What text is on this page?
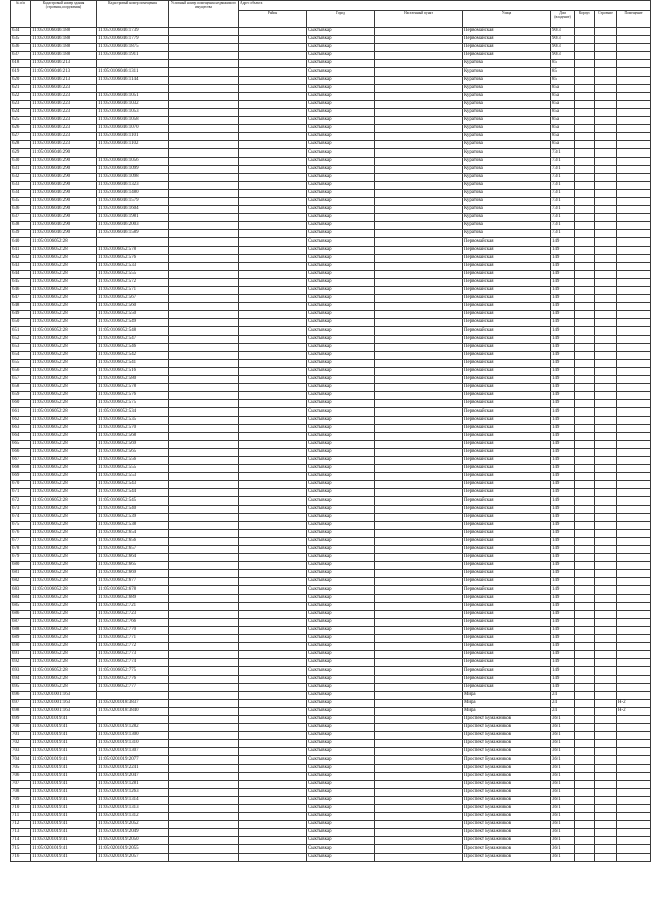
№ п/п	Кадастровый номер здания (строения,сооружения)	Кадастровый номер помещения	Условный номер помещения недвижимого имущества	Адрес объекта							
				Район	Город	Населенный пункт	Улица	Дом (владение)	Корпус	Строение	Помещение
634	11:05:0106046:188	11:05:0106046:1739			Сыктывкар		Первомайская	90/3			
635	11:05:0106046:188	11:05:0106046:1779			Сыктывкар		Первомайская	90/3			
636	11:05:0106046:188	11:05:0106046:1875			Сыктывкар		Первомайская	90/3			
637	11:05:0106046:188	11:05:0106046:1911			Сыктывкар		Первомайская	90/3			
618	11:05:0106046:213				Сыктывкар		Куратова	85			
619	11:05:0106046:213	11:05:0106046:1311			Сыктывкар		Куратова	85			
620	11:05:0106046:213	11:05:0106046:1144			Сыктывкар		Куратова	85			
621	11:05:0106046:223				Сыктывкар		Куратова	85а			
622	11:05:0106046:223	11:05:0106046:1051			Сыктывкар		Куратова	85а			
623	11:05:0106046:223	11:05:0106046:1032			Сыктывкар		Куратова	85а			
624	11:05:0106046:223	11:05:0106046:1053			Сыктывкар		Куратова	85а			
625	11:05:0106046:223	11:05:0106046:1058			Сыктывкар		Куратова	85а			
626	11:05:0106046:223	11:05:0106046:1070			Сыктывкар		Куратова	85а			
627	11:05:0106046:223	11:05:0106046:1101			Сыктывкар		Куратова	85а			
628	11:05:0106046:223	11:05:0106046:1102			Сыктывкар		Куратова	85а			
629	11:05:0106046:290				Сыктывкар		Куратова	73/1			
630	11:05:0106046:290	11:05:0106046:1056			Сыктывкар		Куратова	73/1			
631	11:05:0106046:290	11:05:0106046:1099			Сыктывкар		Куратова	73/1			
632	11:05:0106046:290	11:05:0106046:1098			Сыктывкар		Куратова	73/1			
633	11:05:0106046:290	11:05:0106046:1323			Сыктывкар		Куратова	73/1			
634	11:05:0106046:290	11:05:0106046:1480			Сыктывкар		Куратова	73/1			
635	11:05:0106046:290	11:05:0106046:1579			Сыктывкар		Куратова	73/1			
636	11:05:0106046:290	11:05:0106046:1604			Сыктывкар		Куратова	73/1			
637	11:05:0106046:290	11:05:0106046:1981			Сыктывкар		Куратова	73/1			
638	11:05:0106046:290	11:05:0106046:2003			Сыктывкар		Куратова	73/1			
639	11:05:0106046:290	11:05:0106046:1589			Сыктывкар		Куратова	73/1			
640	11:05:0106052:28				Сыктывкар		Первомайская	149			
641	11:05:0106052:28	11:05:0106052:578			Сыктывкар		Первомайская	149			
642	11:05:0106052:28	11:05:0106052:576			Сыктывкар		Первомайская	149			
643	11:05:0106052:28	11:05:0106052:533			Сыктывкар		Первомайская	149			
644	11:05:0106052:28	11:05:0106052:555			Сыктывкар		Первомайская	149			
645	11:05:0106052:28	11:05:0106052:572			Сыктывкар		Первомайская	149			
646	11:05:0106052:28	11:05:0106052:571			Сыктывкар		Первомайская	149			
647	11:05:0106052:28	11:05:0106052:567			Сыктывкар		Первомайская	149			
648	11:05:0106052:28	11:05:0106052:560			Сыктывкар		Первомайская	149			
649	11:05:0106052:28	11:05:0106052:550			Сыктывкар		Первомайская	149			
650	11:05:0106052:28	11:05:0106052:549			Сыктывкар		Первомайская	149			
651	11:05:0106052:28	11:05:0106052:548			Сыктывкар		Первомайская	149			
652	11:05:0106052:28	11:05:0106052:547			Сыктывкар		Первомайская	149			
653	11:05:0106052:28	11:05:0106052:546			Сыктывкар		Первомайская	149			
654	11:05:0106052:28	11:05:0106052:542			Сыктывкар		Первомайская	149			
655	11:05:0106052:28	11:05:0106052:541			Сыктывкар		Первомайская	149			
656	11:05:0106052:28	11:05:0106052:516			Сыктывкар		Первомайская	149			
657	11:05:0106052:28	11:05:0106052:580			Сыктывкар		Первомайская	149			
658	11:05:0106052:28	11:05:0106052:578			Сыктывкар		Первомайская	149			
659	11:05:0106052:28	11:05:0106052:576			Сыктывкар		Первомайская	149			
660	11:05:0106052:28	11:05:0106052:575			Сыктывкар		Первомайская	149			
661	11:05:0106052:28	11:05:0106052:534			Сыктывкар		Первомайская	149			
662	11:05:0106052:28	11:05:0106052:535			Сыктывкар		Первомайская	149			
663	11:05:0106052:28	11:05:0106052:570			Сыктывкар		Первомайская	149			
664	11:05:0106052:28	11:05:0106052:568			Сыктывкар		Первомайская	149			
665	11:05:0106052:28	11:05:0106052:569			Сыктывкар		Первомайская	149			
666	11:05:0106052:28	11:05:0106052:565			Сыктывкар		Первомайская	149			
667	11:05:0106052:28	11:05:0106052:556			Сыктывкар		Первомайская	149			
668	11:05:0106052:28	11:05:0106052:555			Сыктывкар		Первомайская	149			
669	11:05:0106052:28	11:05:0106052:553			Сыктывкар		Первомайская	149			
670	11:05:0106052:28	11:05:0106052:543			Сыктывкар		Первомайская	149			
671	11:05:0106052:28	11:05:0106052:544			Сыктывкар		Первомайская	149			
672	11:05:0106052:28	11:05:0106052:545			Сыктывкар		Первомайская	149			
673	11:05:0106052:28	11:05:0106052:540			Сыктывкар		Первомайская	149			
674	11:05:0106052:28	11:05:0106052:539			Сыктывкар		Первомайская	149			
675	11:05:0106052:28	11:05:0106052:538			Сыктывкар		Первомайская	149			
676	11:05:0106052:28	11:05:0106052:654			Сыктывкар		Первомайская	149			
677	11:05:0106052:28	11:05:0106052:656			Сыктывкар		Первомайская	149			
678	11:05:0106052:28	11:05:0106052:657			Сыктывкар		Первомайская	149			
679	11:05:0106052:28	11:05:0106052:664			Сыктывкар		Первомайская	149			
680	11:05:0106052:28	11:05:0106052:665			Сыктывкар		Первомайская	149			
681	11:05:0106052:28	11:05:0106052:669			Сыктывкар		Первомайская	149			
682	11:05:0106052:28	11:05:0106052:677			Сыктывкар		Первомайская	149			
683	11:05:0106052:28	11:05:0106052:678			Сыктывкар		Первомайская	149			
684	11:05:0106052:28	11:05:0106052:689			Сыктывкар		Первомайская	149			
685	11:05:0106052:28	11:05:0106052:721			Сыктывкар		Первомайская	149			
686	11:05:0106052:28	11:05:0106052:723			Сыктывкар		Первомайская	149			
687	11:05:0106052:28	11:05:0106052:766			Сыктывкар		Первомайская	149			
688	11:05:0106052:28	11:05:0106052:770			Сыктывкар		Первомайская	149			
689	11:05:0106052:28	11:05:0106052:771			Сыктывкар		Первомайская	149			
690	11:05:0106052:28	11:05:0106052:772			Сыктывкар		Первомайская	149			
691	11:05:0106052:28	11:05:0106052:773			Сыктывкар		Первомайская	149			
692	11:05:0106052:28	11:05:0106052:774			Сыктывкар		Первомайская	149			
693	11:05:0106052:28	11:05:0106052:775			Сыктывкар		Первомайская	149			
694	11:05:0106052:28	11:05:0106052:776			Сыктывкар		Первомайская	149			
695	11:05:0106052:28	11:05:0106052:777			Сыктывкар		Первомайская	149			
696	11:05:0201001:163				Сыктывкар		Мира	24			
697	11:05:0201001:163	11:05:0201018:3837			Сыктывкар		Мира	24			Н-2
698	11:05:0201001:163	11:05:0201018:3840			Сыктывкар		Мира	24			Н-2
699	11:05:0201019:41				Сыктывкар		Проспект Бумажников	36/1			
700	11:05:0201019:41	11:05:0201019:1282			Сыктывкар		Проспект Бумажников	36/1			
701	11:05:0201019:41	11:05:0201019:1300			Сыктывкар		Проспект Бумажников	36/1			
702	11:05:0201019:41	11:05:0201019:1310			Сыктывкар		Проспект Бумажников	36/1			
703	11:05:0201019:41	11:05:0201019:1307			Сыктывкар		Проспект Бумажников	36/1			
704	11:05:0201019:41	11:05:0201019:2077			Сыктывкар		Проспект Бумажников	36/1			
705	11:05:0201019:41	11:05:0201019:2241			Сыктывкар		Проспект Бумажников	36/1			
706	11:05:0201019:41	11:05:0201019:2047			Сыктывкар		Проспект Бумажников	36/1			
707	11:05:0201019:41	11:05:0201019:1281			Сыктывкар		Проспект Бумажников	36/1			
708	11:05:0201019:41	11:05:0201019:1263			Сыктывкар		Проспект Бумажников	36/1			
709	11:05:0201019:41	11:05:0201019:1314			Сыктывкар		Проспект Бумажников	36/1			
710	11:05:0201019:41	11:05:0201019:1313			Сыктывкар		Проспект Бумажников	36/1			
711	11:05:0201019:41	11:05:0201019:1312			Сыктывкар		Проспект Бумажников	36/1			
712	11:05:0201019:41	11:05:0201019:2052			Сыктывкар		Проспект Бумажников	36/1			
713	11:05:0201019:41	11:05:0201019:2049			Сыктывкар		Проспект Бумажников	36/1			
714	11:05:0201019:41	11:05:0201019:2050			Сыктывкар		Проспект Бумажников	36/1			
715	11:05:0201019:41	11:05:0201019:2055			Сыктывкар		Проспект Бумажников	36/1			
716	11:05:0201019:41	11:05:0201019:2057			Сыктывкар		Проспект Бумажников	36/1			
